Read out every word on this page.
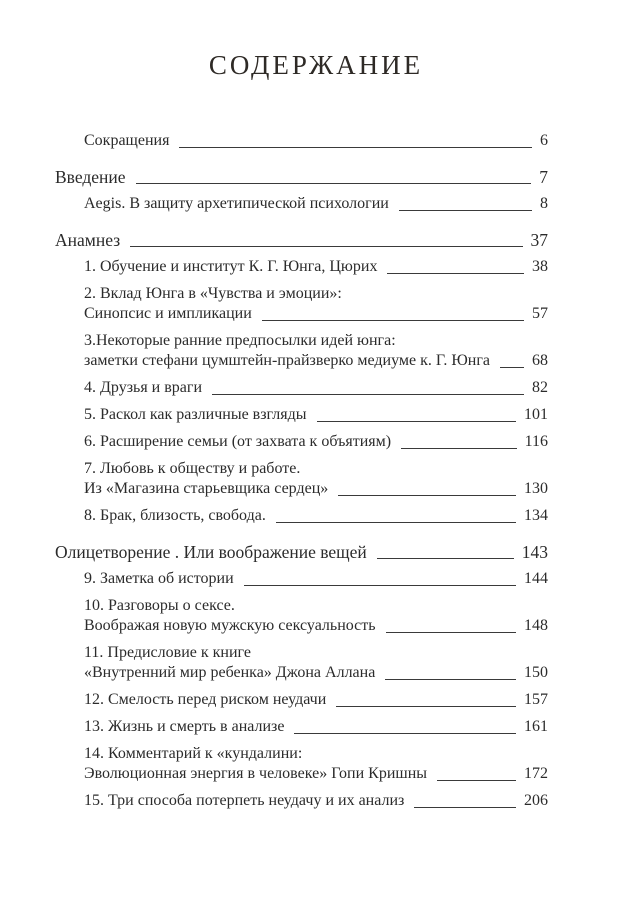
СОДЕРЖАНИЕ
Сокращения	6
Введение	7
Aegis. В защиту архетипической психологии	8
Анамнез	37
1. Обучение и институт К. Г. Юнга, Цюрих	38
2. Вклад Юнга в «Чувства и эмоции»:
Синопсис и импликации	57
3.Некоторые ранние предпосылки идей юнга:
заметки стефани цумштейн-прайзверко медиуме к. Г. Юнга	68
4. Друзья и враги	82
5. Раскол как различные взгляды	101
6. Расширение семьи (от захвата к объятиям)	116
7. Любовь к обществу и работе.
Из «Магазина старьевщика сердец»	130
8. Брак, близость, свобода.	134
Олицетворение . Или воображение вещей	143
9. Заметка об истории	144
10. Разговоры о сексе.
Воображая новую мужскую сексуальность	148
11. Предисловие к книге
«Внутренний мир ребенка» Джона Аллана	150
12. Смелость перед риском неудачи	157
13. Жизнь и смерть в анализе	161
14. Комментарий к «кундалини:
Эволюционная энергия в человеке» Гопи Кришны	172
15. Три способа потерпеть неудачу и их анализ	206
